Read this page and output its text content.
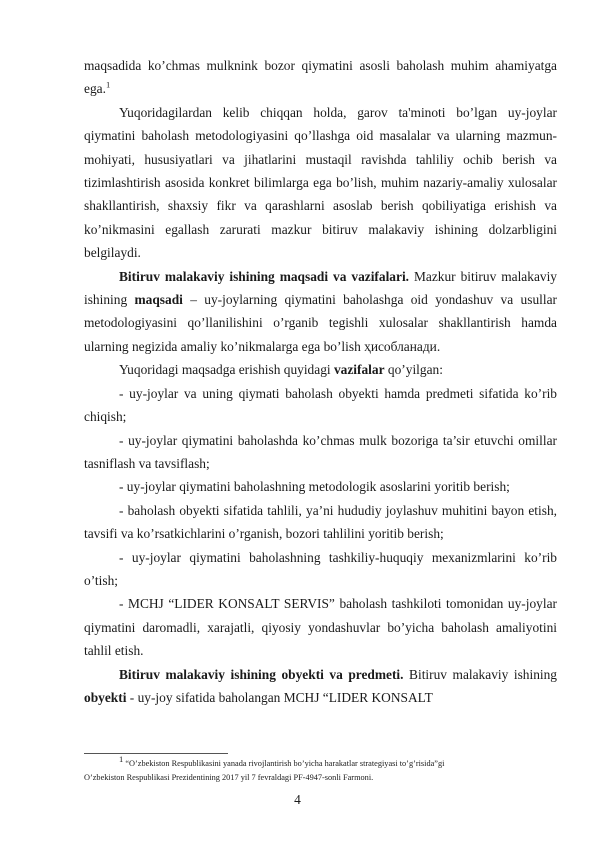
maqsadida ko’chmas mulknink bozor qiymatini asosli baholash muhim ahamiyatga ega.$^1$

Yuqoridagilardan kelib chiqqan holda, garov ta'minoti bo’lgan uy-joylar qiymatini baholash metodologiyasini qo’llashga oid masalalar va ularning mazmun-mohiyati, hususiyatlari va jihatlarini mustaqil ravishda tahliliy ochib berish va tizimlashtirish asosida konkret bilimlarga ega bo’lish, muhim nazariy-amaliy xulosalar shakllantirish, shaxsiy fikr va qarashlarni asoslab berish qobiliyatiga erishish va ko’nikmasini egallash zarurati mazkur bitiruv malakaviy ishining dolzarbligini belgilaydi.

Bitiruv malakaviy ishining maqsadi va vazifalari. Mazkur bitiruv malakaviy ishining maqsadi – uy-joylarning qiymatini baholashga oid yondashuv va usullar metodologiyasini qo’llanilishini o’rganib tegishli xulosalar shakllantirish hamda ularning negizida amaliy ko’nikmalarga ega bo’lish ҳисобланади.

Yuqoridagi maqsadga erishish quyidagi vazifalar qo’yilgan:

- uy-joylar va uning qiymati baholash obyekti hamda predmeti sifatida ko’rib chiqish;

- uy-joylar qiymatini baholashda ko’chmas mulk bozoriga ta’sir etuvchi omillar tasniflash va tavsiflash;

- uy-joylar qiymatini baholashning metodologik asoslarini yoritib berish;

- baholash obyekti sifatida tahlili, ya’ni hududiy joylashuv muhitini bayon etish, tavsifi va ko’rsatkichlarini o’rganish, bozori tahlilini yoritib berish;

- uy-joylar qiymatini baholashning tashkiliy-huquqiy mexanizmlarini ko’rib o’tish;

- MCHJ “LIDER KONSALT SERVIS” baholash tashkiloti tomonidan uy-joylar qiymatini daromadli, xarajatli, qiyosiy yondashuvlar bo’yicha baholash amaliyotini tahlil etish.

Bitiruv malakaviy ishining obyekti va predmeti. Bitiruv malakaviy ishining obyekti - uy-joy sifatida baholangan MCHJ “LIDER KONSALT

$^1$ “O’zbekiston Respublikasini yanada rivojlantirish bo’yicha harakatlar strategiyasi to’g’risida”gi
O’zbekiston Respublikasi Prezidentining 2017 yil 7 fevraldagi PF-4947-sonli Farmoni.
4
